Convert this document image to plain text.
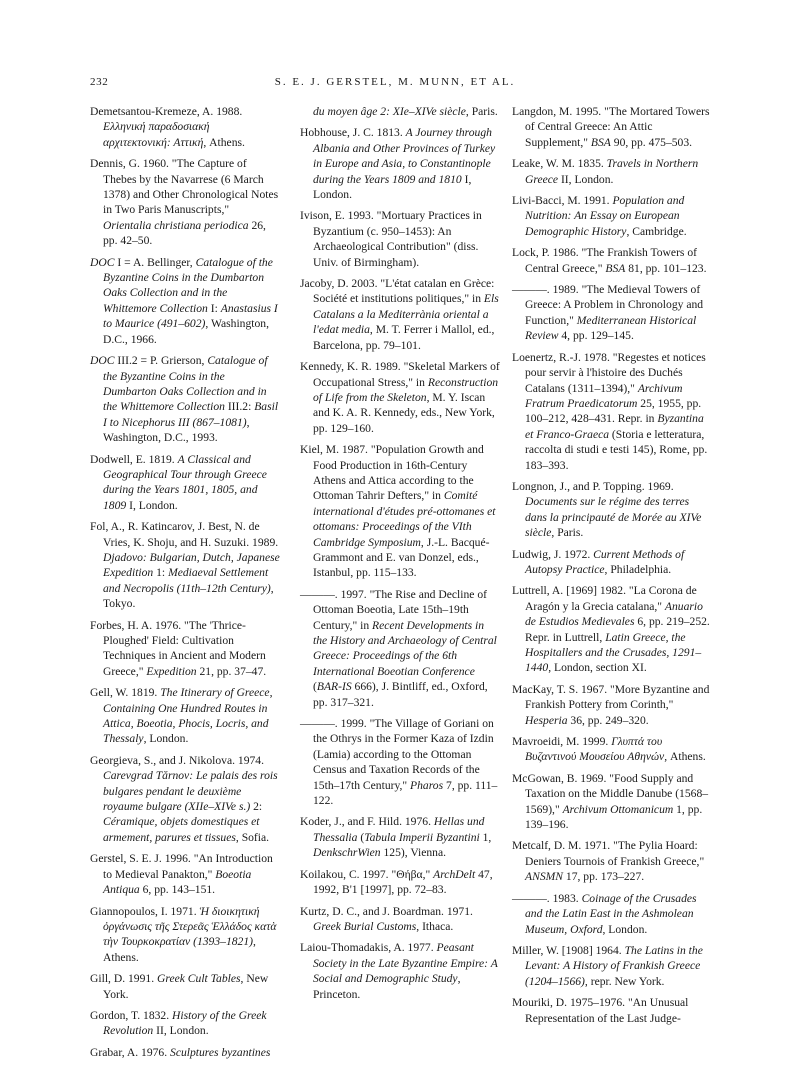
S. E. J. GERSTEL, M. MUNN, ET AL.
232

Demetsantou-Kremeze, A. 1988. Ελληνική παραδοσιακή αρχιτεκτονική: Αττική, Athens.

Dennis, G. 1960. "The Capture of Thebes by the Navarrese (6 March 1378) and Other Chronological Notes in Two Paris Manuscripts," Orientalia christiana periodica 26, pp. 42–50.

DOC I = A. Bellinger, Catalogue of the Byzantine Coins in the Dumbarton Oaks Collection and in the Whittemore Collection I: Anastasius I to Maurice (491–602), Washington, D.C., 1966.

DOC III.2 = P. Grierson, Catalogue of the Byzantine Coins in the Dumbarton Oaks Collection and in the Whittemore Collection III.2: Basil I to Nicephorus III (867–1081), Washington, D.C., 1993.

Dodwell, E. 1819. A Classical and Geographical Tour through Greece during the Years 1801, 1805, and 1809 I, London.

Fol, A., R. Katincarov, J. Best, N. de Vries, K. Shoju, and H. Suzuki. 1989. Djadovo: Bulgarian, Dutch, Japanese Expedition 1: Mediaeval Settlement and Necropolis (11th–12th Century), Tokyo.

Forbes, H. A. 1976. "The 'Thrice-Ploughed' Field: Cultivation Techniques in Ancient and Modern Greece," Expedition 21, pp. 37–47.

Gell, W. 1819. The Itinerary of Greece, Containing One Hundred Routes in Attica, Boeotia, Phocis, Locris, and Thessaly, London.

Georgieva, S., and J. Nikolova. 1974. Carevgrad Tărnov: Le palais des rois bulgares pendant le deuxième royaume bulgare (XIIe–XIVe s.) 2: Céramique, objets domestiques et armement, parures et tissues, Sofia.

Gerstel, S. E. J. 1996. "An Introduction to Medieval Panakton," Boeotia Antiqua 6, pp. 143–151.

Giannopoulos, I. 1971. Ἡ διοικητική ὀργάνωσις τῆς Στερεᾶς Ἑλλάδος κατὰ τὴν Τουρκοκρατίαν (1393–1821), Athens.

Gill, D. 1991. Greek Cult Tables, New York.

Gordon, T. 1832. History of the Greek Revolution II, London.

Grabar, A. 1976. Sculptures byzantines

du moyen âge 2: XIe–XIVe siècle, Paris.

Hobhouse, J. C. 1813. A Journey through Albania and Other Provinces of Turkey in Europe and Asia, to Constantinople during the Years 1809 and 1810 I, London.

Ivison, E. 1993. "Mortuary Practices in Byzantium (c. 950–1453): An Archaeological Contribution" (diss. Univ. of Birmingham).

Jacoby, D. 2003. "L'état catalan en Grèce: Société et institutions politiques," in Els Catalans a la Mediterrània oriental a l'edat media, M. T. Ferrer i Mallol, ed., Barcelona, pp. 79–101.

Kennedy, K. R. 1989. "Skeletal Markers of Occupational Stress," in Reconstruction of Life from the Skeleton, M. Y. Iscan and K. A. R. Kennedy, eds., New York, pp. 129–160.

Kiel, M. 1987. "Population Growth and Food Production in 16th-Century Athens and Attica according to the Ottoman Tahrir Defters," in Comité international d'études pré-ottomanes et ottomans: Proceedings of the VIth Cambridge Symposium, J.-L. Bacqué-Grammont and E. van Donzel, eds., Istanbul, pp. 115–133.

———. 1997. "The Rise and Decline of Ottoman Boeotia, Late 15th–19th Century," in Recent Developments in the History and Archaeology of Central Greece: Proceedings of the 6th International Boeotian Conference (BAR-IS 666), J. Bintliff, ed., Oxford, pp. 317–321.

———. 1999. "The Village of Goriani on the Othrys in the Former Kaza of Izdin (Lamia) according to the Ottoman Census and Taxation Records of the 15th–17th Century," Pharos 7, pp. 111–122.

Koder, J., and F. Hild. 1976. Hellas und Thessalia (Tabula Imperii Byzantini 1, DenkschrWien 125), Vienna.

Koilakou, C. 1997. "Θήβα," ArchDelt 47, 1992, B'1 [1997], pp. 72–83.

Kurtz, D. C., and J. Boardman. 1971. Greek Burial Customs, Ithaca.

Laiou-Thomadakis, A. 1977. Peasant Society in the Late Byzantine Empire: A Social and Demographic Study, Princeton.

Langdon, M. 1995. "The Mortared Towers of Central Greece: An Attic Supplement," BSA 90, pp. 475–503.

Leake, W. M. 1835. Travels in Northern Greece II, London.

Livi-Bacci, M. 1991. Population and Nutrition: An Essay on European Demographic History, Cambridge.

Lock, P. 1986. "The Frankish Towers of Central Greece," BSA 81, pp. 101–123.

———. 1989. "The Medieval Towers of Greece: A Problem in Chronology and Function," Mediterranean Historical Review 4, pp. 129–145.

Loenertz, R.-J. 1978. "Regestes et notices pour servir à l'histoire des Duchés Catalans (1311–1394)," Archivum Fratrum Praedicatorum 25, 1955, pp. 100–212, 428–431. Repr. in Byzantina et Franco-Graeca (Storia e letteratura, raccolta di studi e testi 145), Rome, pp. 183–393.

Longnon, J., and P. Topping. 1969. Documents sur le régime des terres dans la principauté de Morée au XIVe siècle, Paris.

Ludwig, J. 1972. Current Methods of Autopsy Practice, Philadelphia.

Luttrell, A. [1969] 1982. "La Corona de Aragón y la Grecia catalana," Anuario de Estudios Medievales 6, pp. 219–252. Repr. in Luttrell, Latin Greece, the Hospitallers and the Crusades, 1291–1440, London, section XI.

MacKay, T. S. 1967. "More Byzantine and Frankish Pottery from Corinth," Hesperia 36, pp. 249–320.

Mavroeidi, M. 1999. Γλυπτά του Βυζαντινού Μουσείου Αθηνών, Athens.

McGowan, B. 1969. "Food Supply and Taxation on the Middle Danube (1568–1569)," Archivum Ottomanicum 1, pp. 139–196.

Metcalf, D. M. 1971. "The Pylia Hoard: Deniers Tournois of Frankish Greece," ANSMN 17, pp. 173–227.

———. 1983. Coinage of the Crusades and the Latin East in the Ashmolean Museum, Oxford, London.

Miller, W. [1908] 1964. The Latins in the Levant: A History of Frankish Greece (1204–1566), repr. New York.

Mouriki, D. 1975–1976. "An Unusual Representation of the Last Judge-
